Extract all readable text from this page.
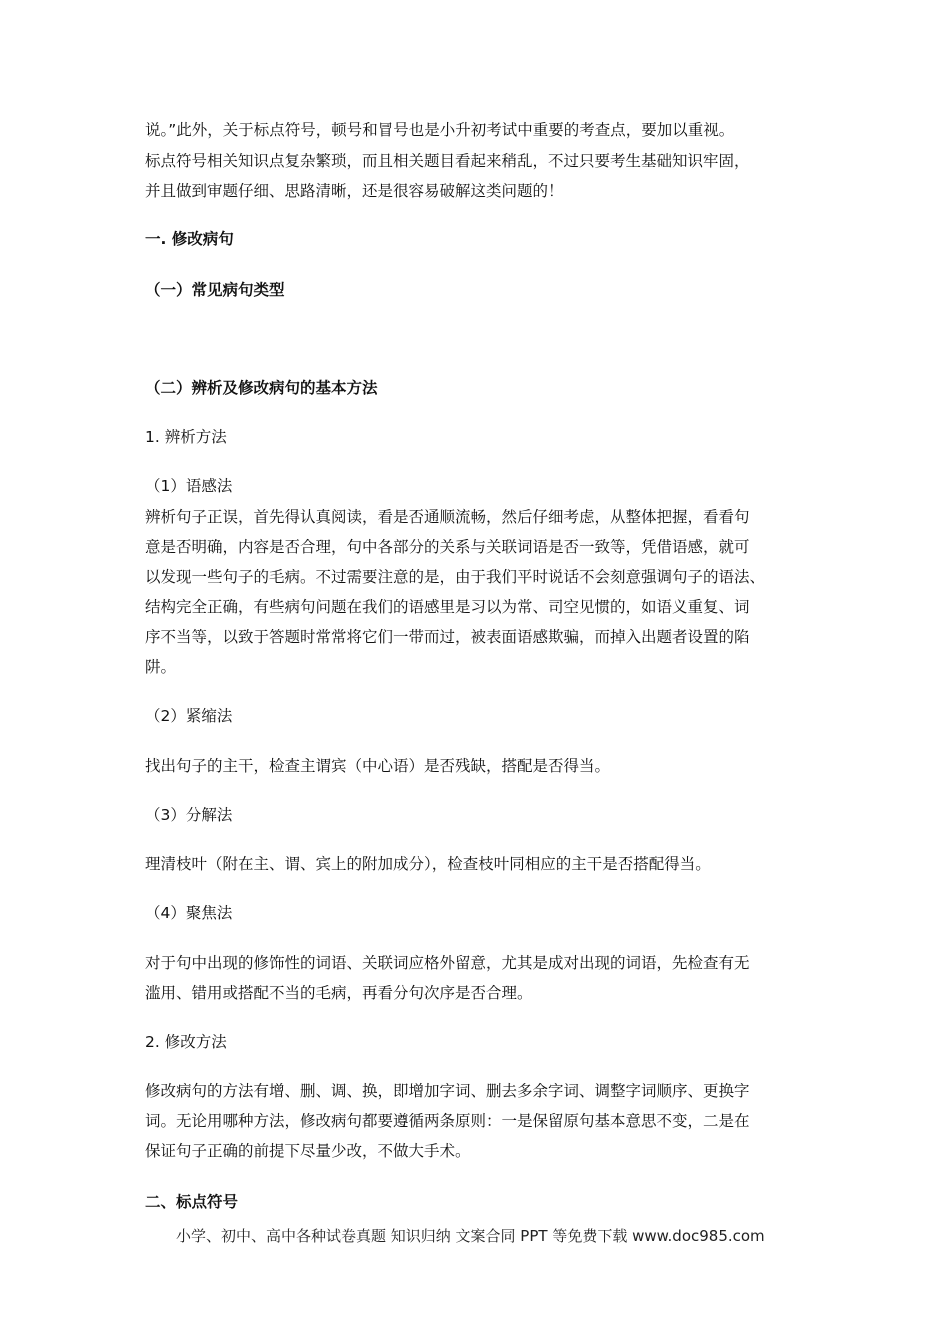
说。”此外，关于标点符号，顿号和冒号也是小升初考试中重要的考查点，要加以重视。
标点符号相关知识点复杂繁琐，而且相关题目看起来稍乱，不过只要考生基础知识牢固，
并且做到审题仔细、思路清晰，还是很容易破解这类问题的！
一. 修改病句
（一）常见病句类型
（二）辨析及修改病句的基本方法
1. 辨析方法
（1）语感法
辨析句子正误，首先得认真阅读，看是否通顺流畅，然后仔细考虑，从整体把握，看看句
意是否明确，内容是否合理，句中各部分的关系与关联词语是否一致等，凭借语感，就可
以发现一些句子的毛病。不过需要注意的是，由于我们平时说话不会刻意强调句子的语法、
结构完全正确，有些病句问题在我们的语感里是习以为常、司空见惯的，如语义重复、词
序不当等，以致于答题时常常将它们一带而过，被表面语感欺骗，而掉入出题者设置的陷
阱。
（2）紧缩法
找出句子的主干，检查主谓宾（中心语）是否残缺，搭配是否得当。
（3）分解法
理清枝叶（附在主、谓、宾上的附加成分），检查枝叶同相应的主干是否搭配得当。
（4）聚焦法
对于句中出现的修饰性的词语、关联词应格外留意，尤其是成对出现的词语，先检查有无
滥用、错用或搭配不当的毛病，再看分句次序是否合理。
2. 修改方法
修改病句的方法有增、删、调、换，即增加字词、删去多余字词、调整字词顺序、更换字
词。无论用哪种方法，修改病句都要遵循两条原则：一是保留原句基本意思不变，二是在
保证句子正确的前提下尽量少改，不做大手术。
二、标点符号
小学、初中、高中各种试卷真题 知识归纳 文案合同 PPT 等免费下载 www.doc985.com
